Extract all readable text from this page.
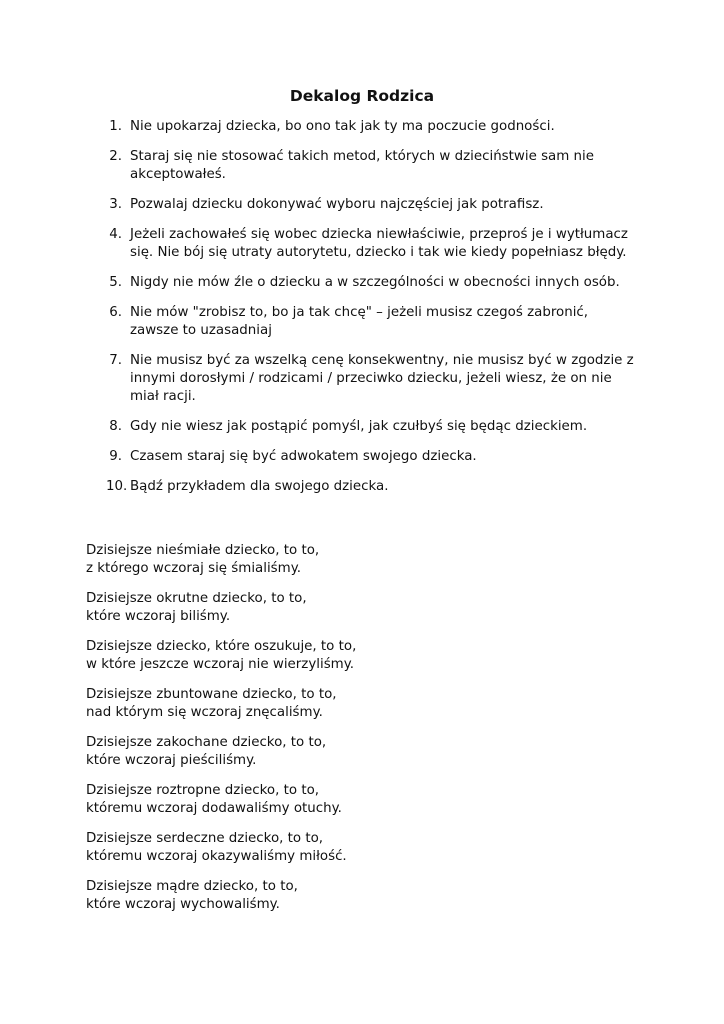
Dekalog Rodzica
1. Nie upokarzaj dziecka, bo ono tak jak ty ma poczucie godności.
2. Staraj się nie stosować takich metod, których w dzieciństwie sam nie
akceptowałeś.
3. Pozwalaj dziecku dokonywać wyboru najczęściej jak potrafisz.
4. Jeżeli zachowałeś się wobec dziecka niewłaściwie, przeproś je i wytłumacz
się. Nie bój się utraty autorytetu, dziecko i tak wie kiedy popełniasz błędy.
5. Nigdy nie mów źle o dziecku a w szczególności w obecności innych osób.
6. Nie mów "zrobisz to, bo ja tak chcę" – jeżeli musisz czegoś zabronić,
zawsze to uzasadniaj
7. Nie musisz być za wszelką cenę konsekwentny, nie musisz być w zgodzie z
innymi dorosłymi / rodzicami / przeciwko dziecku, jeżeli wiesz, że on nie
miał racji.
8. Gdy nie wiesz jak postąpić pomyśl, jak czułbyś się będąc dzieckiem.
9. Czasem staraj się być adwokatem swojego dziecka.
10. Bądź przykładem dla swojego dziecka.

Dzisiejsze nieśmiałe dziecko, to to,
z którego wczoraj się śmialiśmy.

Dzisiejsze okrutne dziecko, to to,
które wczoraj biliśmy.

Dzisiejsze dziecko, które oszukuje, to to,
w które jeszcze wczoraj nie wierzyliśmy.

Dzisiejsze zbuntowane dziecko, to to,
nad którym się wczoraj znęcaliśmy.

Dzisiejsze zakochane dziecko, to to,
które wczoraj pieściliśmy.

Dzisiejsze roztropne dziecko, to to,
któremu wczoraj dodawaliśmy otuchy.

Dzisiejsze serdeczne dziecko, to to,
któremu wczoraj okazywaliśmy miłość.

Dzisiejsze mądre dziecko, to to,
które wczoraj wychowaliśmy.
